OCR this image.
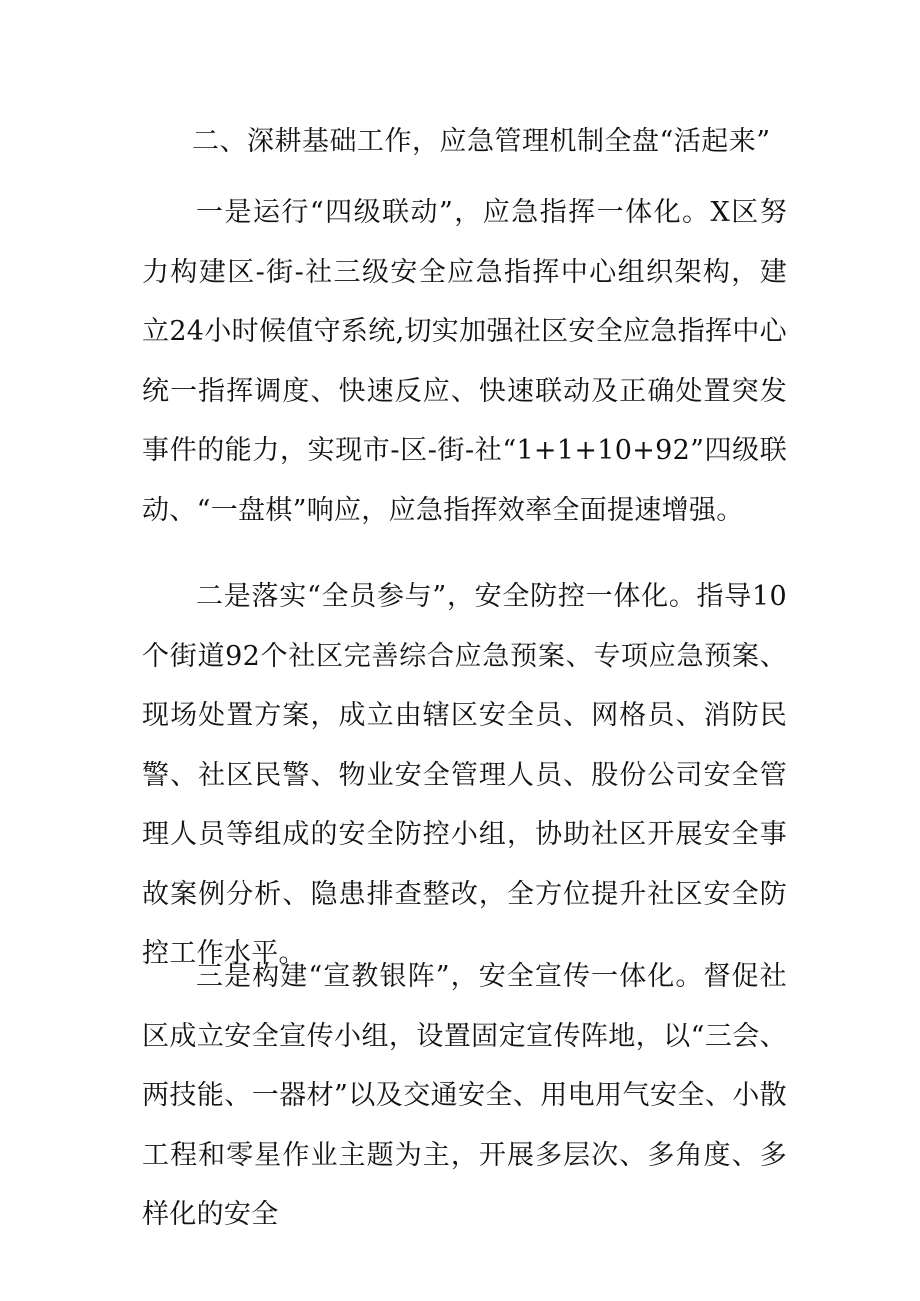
二、深耕基础工作，应急管理机制全盘“活起来”

一是运行“四级联动”，应急指挥一体化。X区努力构建区-街-社三级安全应急指挥中心组织架构，建立24小时候值守系统,切实加强社区安全应急指挥中心统一指挥调度、快速反应、快速联动及正确处置突发事件的能力，实现市-区-街-社“1+1+10+92”四级联动、“一盘棋”响应，应急指挥效率全面提速增强。

二是落实“全员参与”，安全防控一体化。指导10个街道92个社区完善综合应急预案、专项应急预案、现场处置方案，成立由辖区安全员、网格员、消防民警、社区民警、物业安全管理人员、股份公司安全管理人员等组成的安全防控小组，协助社区开展安全事故案例分析、隐患排查整改，全方位提升社区安全防控工作水平。

三是构建“宣教银阵”，安全宣传一体化。督促社区成立安全宣传小组，设置固定宣传阵地，以“三会、两技能、一器材”以及交通安全、用电用气安全、小散工程和零星作业主题为主，开展多层次、多角度、多样化的安全
